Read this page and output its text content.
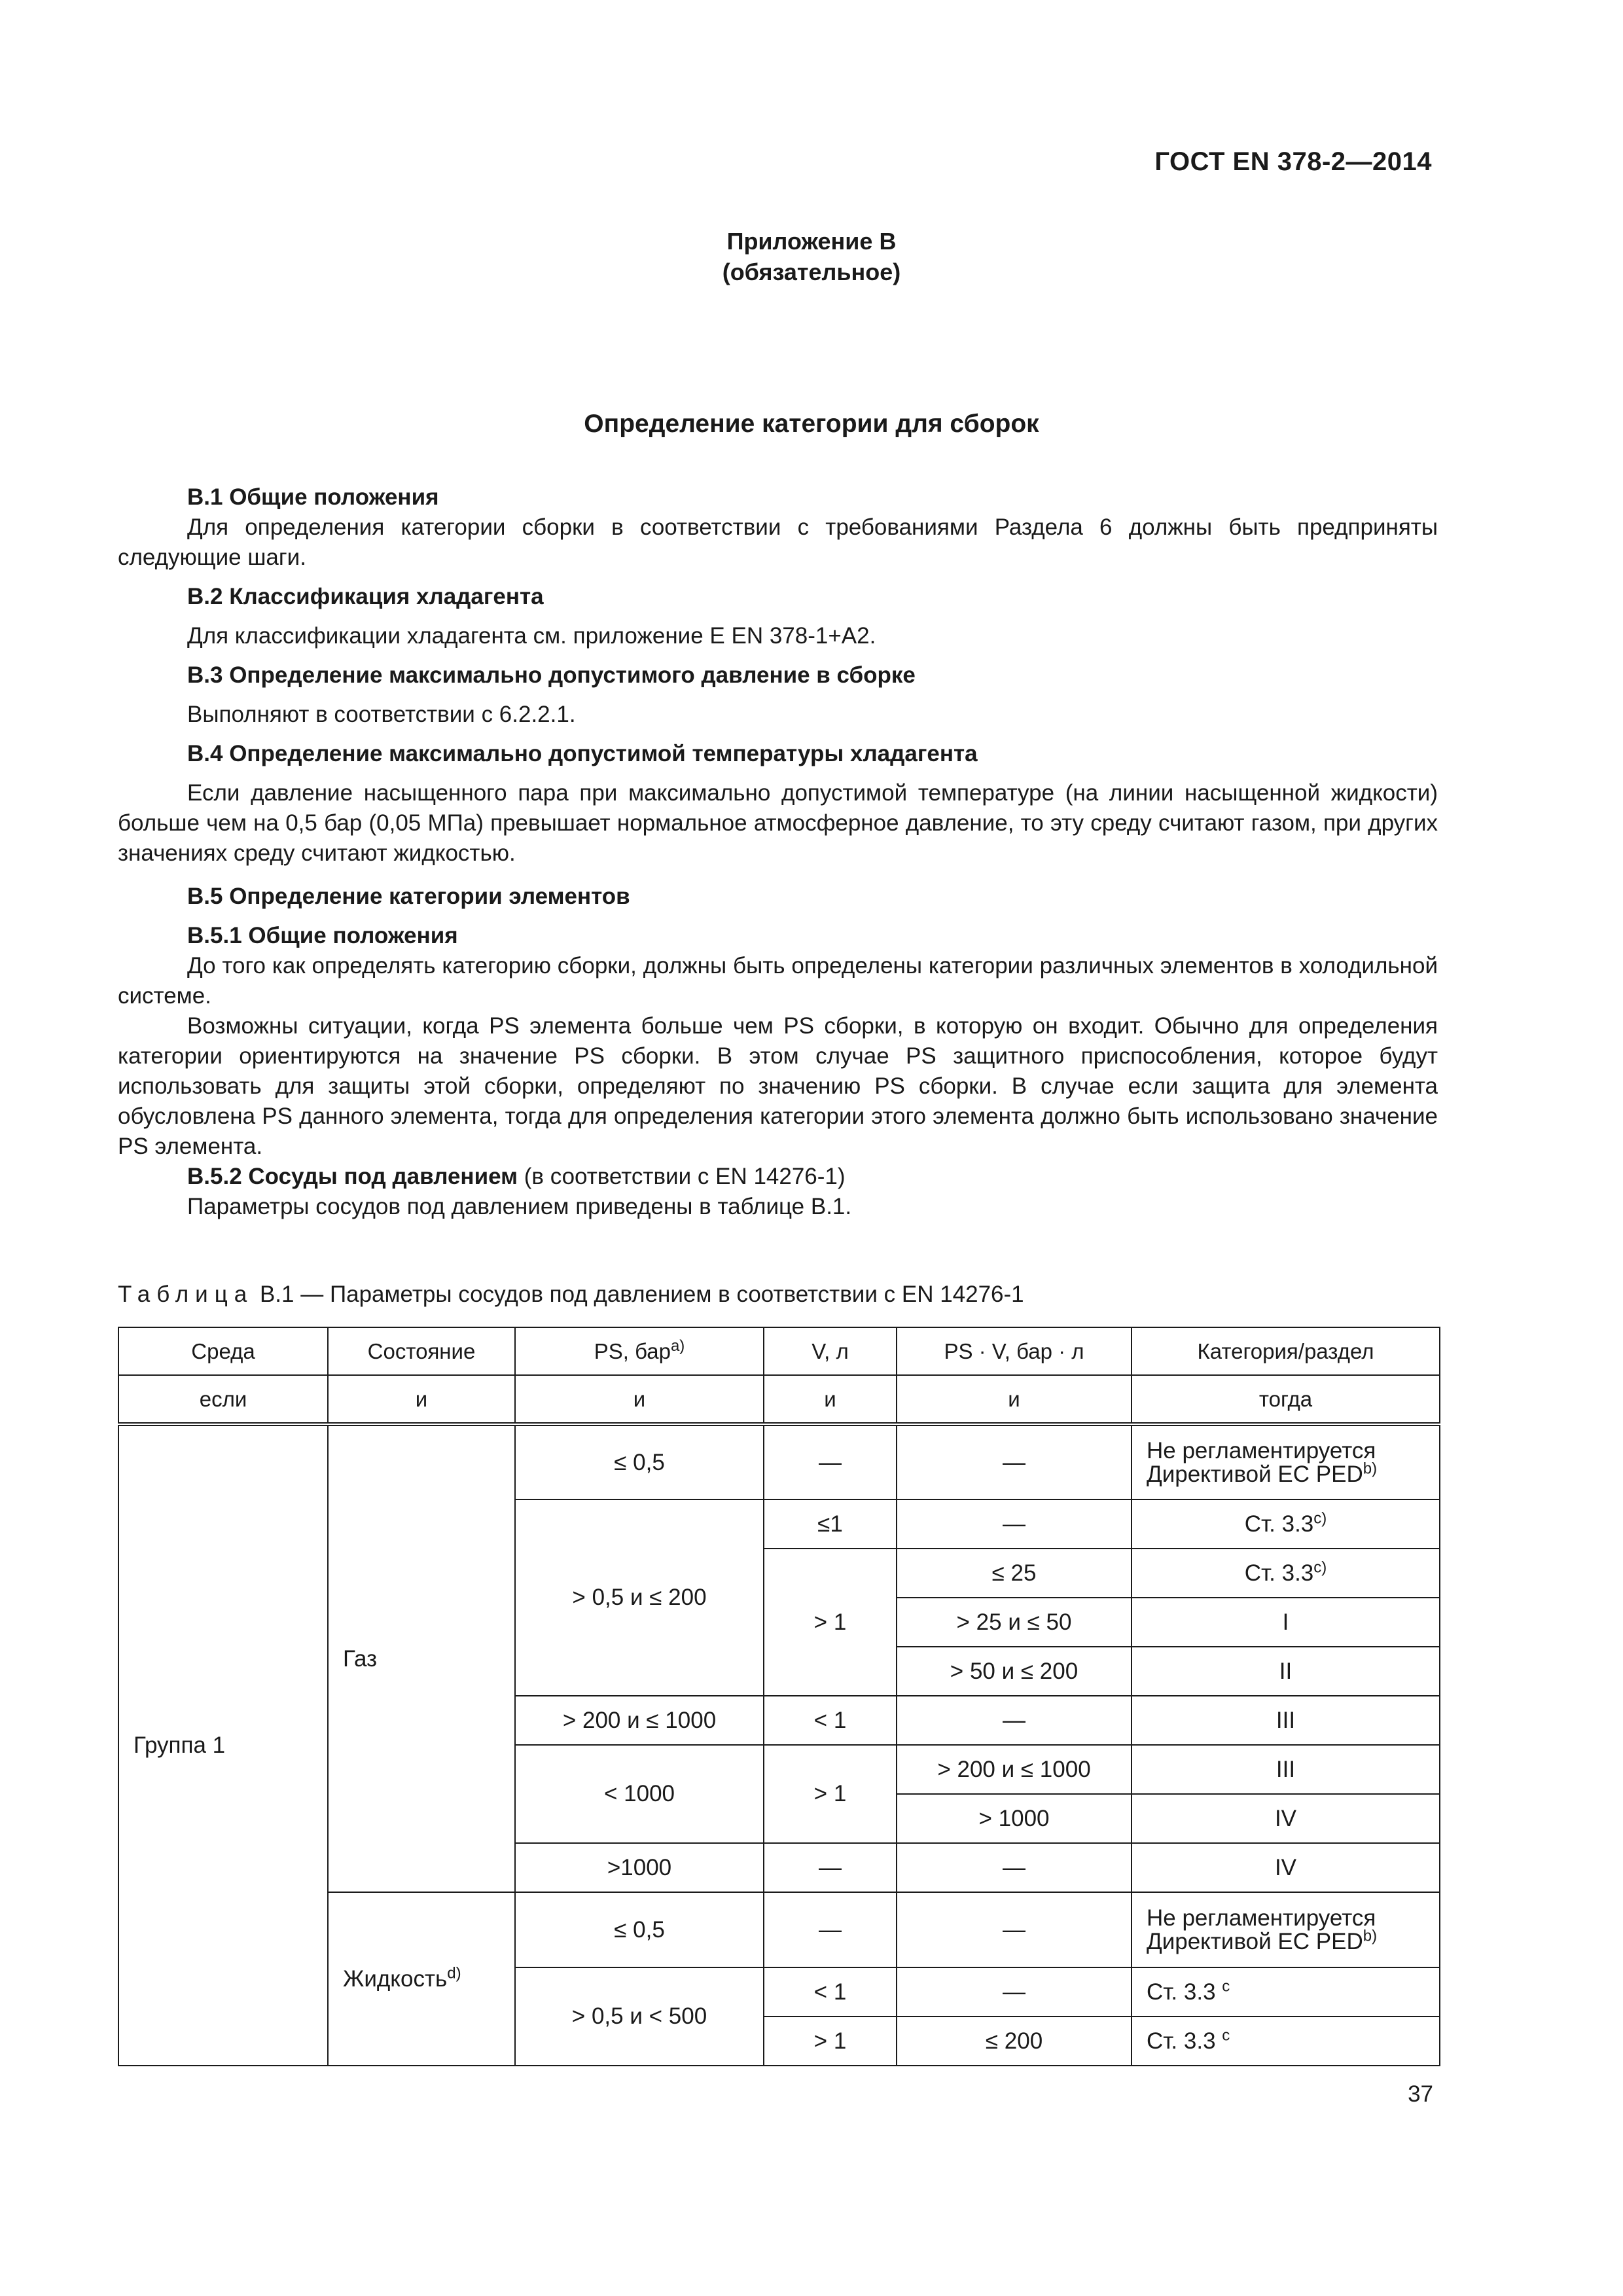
ГОСТ EN 378-2—2014
Приложение В
(обязательное)
Определение категории для сборок
В.1 Общие положения

Для определения категории сборки в соответствии с требованиями Раздела 6 должны быть предприняты следующие шаги.

В.2 Классификация хладагента

Для классификации хладагента см. приложение Е EN 378-1+A2.

В.3 Определение максимально допустимого давление в сборке

Выполняют в соответствии с 6.2.2.1.

В.4 Определение максимально допустимой температуры хладагента

Если давление насыщенного пара при максимально допустимой температуре (на линии насыщенной жидкости) больше чем на 0,5 бар (0,05 МПа) превышает нормальное атмосферное давление, то эту среду считают газом, при других значениях среду считают жидкостью.

В.5 Определение категории элементов
В.5.1 Общие положения

До того как определять категорию сборки, должны быть определены категории различных элементов в холодильной системе.

Возможны ситуации, когда PS элемента больше чем PS сборки, в которую он входит. Обычно для определения категории ориентируются на значение PS сборки. В этом случае PS защитного приспособления, которое будут использовать для защиты этой сборки, определяют по значению PS сборки. В случае если защита для элемента обусловлена PS данного элемента, тогда для определения категории этого элемента должно быть использовано значение PS элемента.

В.5.2 Сосуды под давлением (в соответствии с EN 14276-1)

Параметры сосудов под давлением приведены в таблице В.1.

Таблица В.1 — Параметры сосудов под давлением в соответствии с EN 14276-1
Среда	Состояние	PS, бар$^{a)}$	V, л	PS · V, бар · л	Категория/раздел
если	и	и	и	и	тогда
Группа 1	Газ	≤ 0,5	—	—	Не регламентируется
Директивой ЕС PED$^{b)}$
		> 0,5 и ≤ 200	≤1	—	Ст. 3.3$^{c)}$
			> 1	≤ 25	Ст. 3.3$^{c)}$
				> 25 и ≤ 50	I
				> 50 и ≤ 200	II
		> 200 и ≤ 1000	< 1	—	III
		< 1000	> 1	> 200 и ≤ 1000	III
				> 1000	IV
		>1000	—	—	IV
	Жидкость$^{d)}$	≤ 0,5	—	—	Не регламентируется
Директивой ЕС PED$^{b)}$
		> 0,5 и < 500	< 1	—	Ст. 3.3 $^c$
			> 1	≤ 200	Ст. 3.3 $^c$
37
